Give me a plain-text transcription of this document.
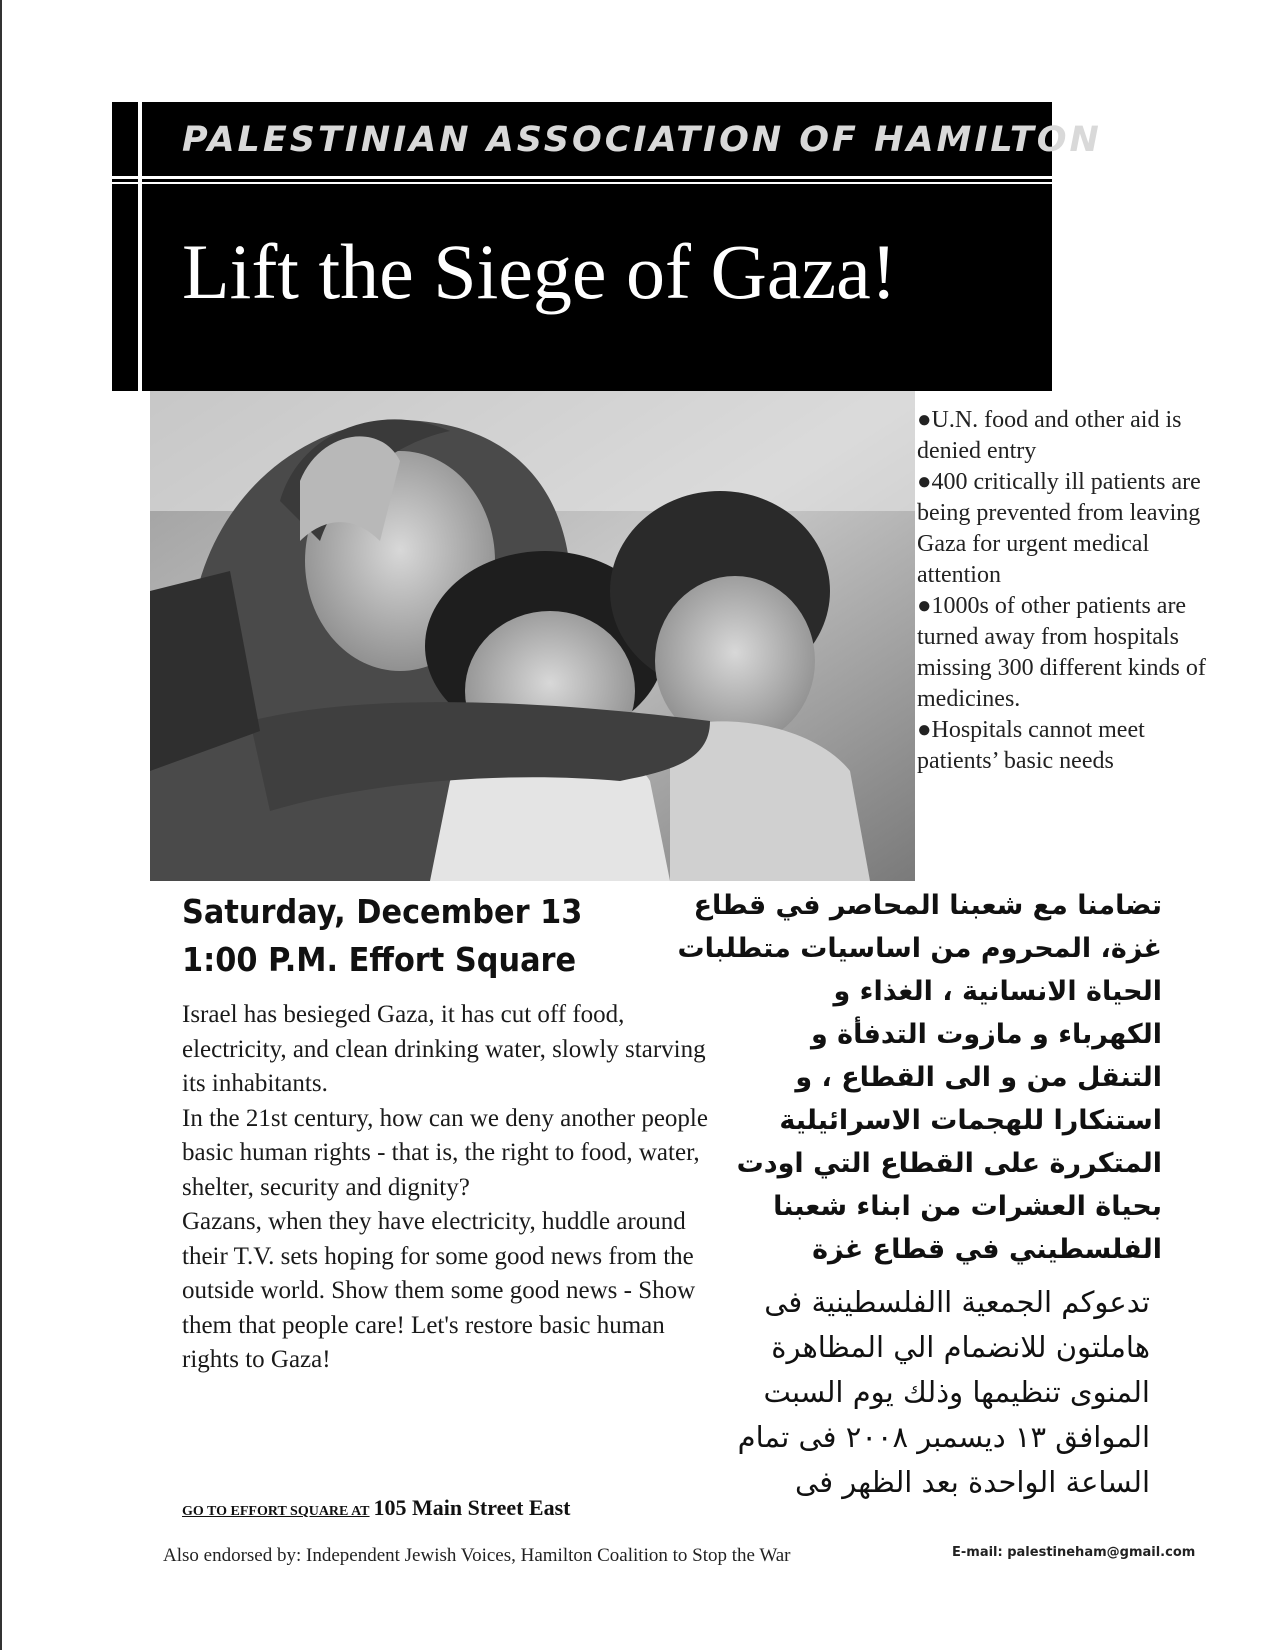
PALESTINIAN ASSOCIATION OF HAMILTON
Lift the Siege of Gaza!
●U.N. food and other aid is denied entry
●400 critically ill patients are being prevented from leaving Gaza for urgent medical attention
●1000s of other patients are turned away from hospitals missing 300 different kinds of medicines.
●Hospitals cannot meet patients’ basic needs
Saturday, December 13
1:00 P.M. Effort Square

Israel has besieged Gaza, it has cut off food, electricity, and clean drinking water, slowly starving its inhabitants.

In the 21st century, how can we deny another people basic human rights - that is, the right to food, water, shelter, security and dignity?

Gazans, when they have electricity, huddle around their T.V. sets hoping for some good news from the outside world. Show them some good news - Show them that people care! Let's restore basic human rights to Gaza!

GO TO EFFORT SQUARE AT 105 Main Street East
تضامنا مع شعبنا المحاصر في قطاع
غزة، المحروم من اساسيات متطلبات
الحياة الانسانية ، الغذاء و
الكهرباء و مازوت التدفأة و
التنقل من و الى القطاع ، و
استنكارا للهجمات الاسرائيلية
المتكررة على القطاع التي اودت
بحياة العشرات من ابناء شعبنا
الفلسطيني في قطاع غزة
تدعوكم الجمعية االفلسطينية فى
هاملتون للانضمام الي المظاهرة
المنوى تنظيمها وذلك يوم السبت
الموافق ١٣ ديسمبر ٢٠٠٨ فى تمام
الساعة الواحدة بعد الظهر فى
Also endorsed by: Independent Jewish Voices, Hamilton Coalition to Stop the War	E-mail: palestineham@gmail.com
